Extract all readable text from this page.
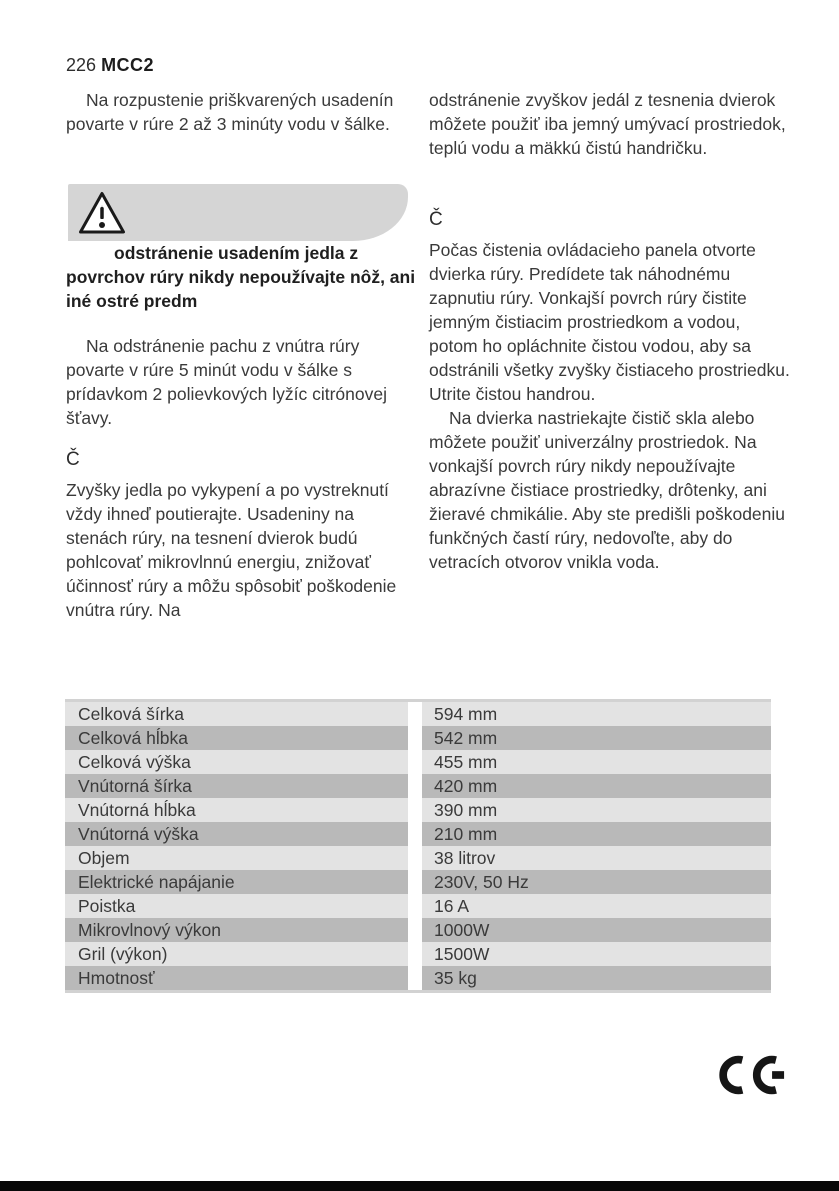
226 MCC2

Na rozpustenie priškvarených usadenín povarte v rúre 2 až 3 minúty vodu v šálke.

odstránenie usadením jedla z povrchov rúry nikdy nepoužívajte nôž, ani iné ostré predm

Na odstránenie pachu z vnútra rúry povarte v rúre 5 minút vodu v šálke s prídavkom 2 polievkových lyžíc citrónovej šťavy.

Č

Zvyšky jedla po vykypení a po vystreknutí vždy ihneď poutierajte. Usadeniny na stenách rúry, na tesnení dvierok budú pohlcovať mikrovlnnú energiu, znižovať účinnosť rúry a môžu spôsobiť poškodenie vnútra rúry. Na

odstránenie zvyškov jedál z tesnenia dvierok môžete použiť iba jemný umývací prostriedok, teplú vodu a mäkkú čistú handričku.

Č

Počas čistenia ovládacieho panela otvorte dvierka rúry. Predídete tak náhodnému zapnutiu rúry. Vonkajší povrch rúry čistite jemným čistiacim prostriedkom a vodou, potom ho opláchnite čistou vodou, aby sa odstránili všetky zvyšky čistiaceho prostriedku. Utrite čistou handrou.

Na dvierka nastriekajte čistič skla alebo môžete použiť univerzálny prostriedok. Na vonkajší povrch rúry nikdy nepoužívajte abrazívne čistiace prostriedky, drôtenky, ani žieravé chmikálie. Aby ste predišli poškodeniu funkčných častí rúry, nedovoľte, aby do vetracích otvorov vnikla voda.

Celková šírka	594 mm
Celková hĺbka	542 mm
Celková výška	455 mm
Vnútorná šírka	420 mm
Vnútorná hĺbka	390 mm
Vnútorná výška	210 mm
Objem	38 litrov
Elektrické napájanie	230V, 50 Hz
Poistka	16 A
Mikrovlnový výkon	1000W
Gril (výkon)	1500W
Hmotnosť	35 kg
